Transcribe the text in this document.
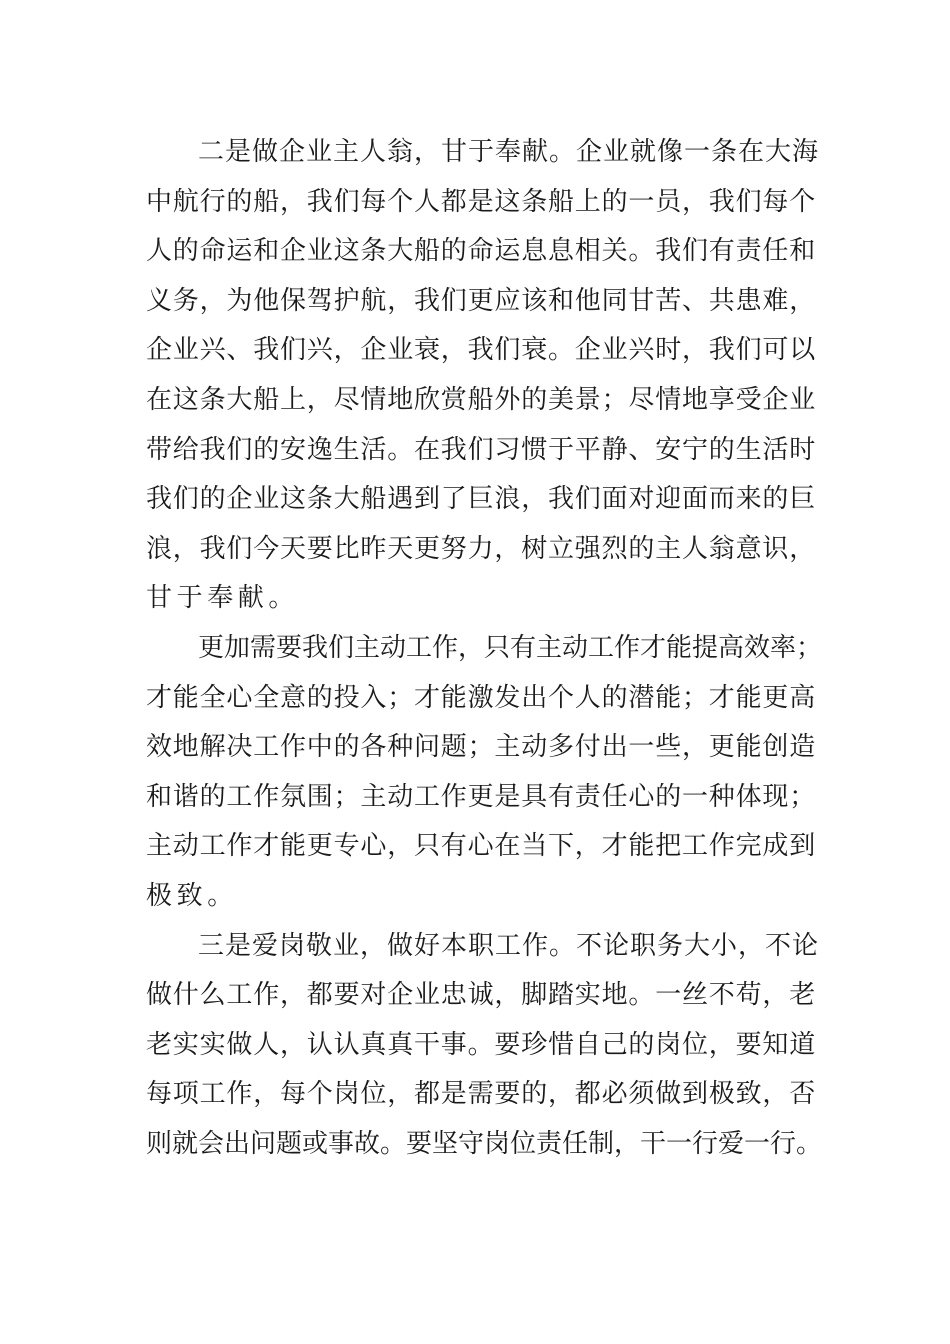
二是做企业主人翁，甘于奉献。企业就像一条在大海
中航行的船，我们每个人都是这条船上的一员，我们每个
人的命运和企业这条大船的命运息息相关。我们有责任和
义务，为他保驾护航，我们更应该和他同甘苦、共患难，
企业兴、我们兴，企业衰，我们衰。企业兴时，我们可以
在这条大船上，尽情地欣赏船外的美景；尽情地享受企业
带给我们的安逸生活。在我们习惯于平静、安宁的生活时
我们的企业这条大船遇到了巨浪，我们面对迎面而来的巨
浪，我们今天要比昨天更努力，树立强烈的主人翁意识，
甘于奉献。

更加需要我们主动工作，只有主动工作才能提高效率；
才能全心全意的投入；才能激发出个人的潜能；才能更高
效地解决工作中的各种问题；主动多付出一些，更能创造
和谐的工作氛围；主动工作更是具有责任心的一种体现；
主动工作才能更专心，只有心在当下，才能把工作完成到
极致。

三是爱岗敬业，做好本职工作。不论职务大小，不论
做什么工作，都要对企业忠诚，脚踏实地。一丝不苟，老
老实实做人，认认真真干事。要珍惜自己的岗位，要知道
每项工作，每个岗位，都是需要的，都必须做到极致，否
则就会出问题或事故。要坚守岗位责任制，干一行爱一行。
